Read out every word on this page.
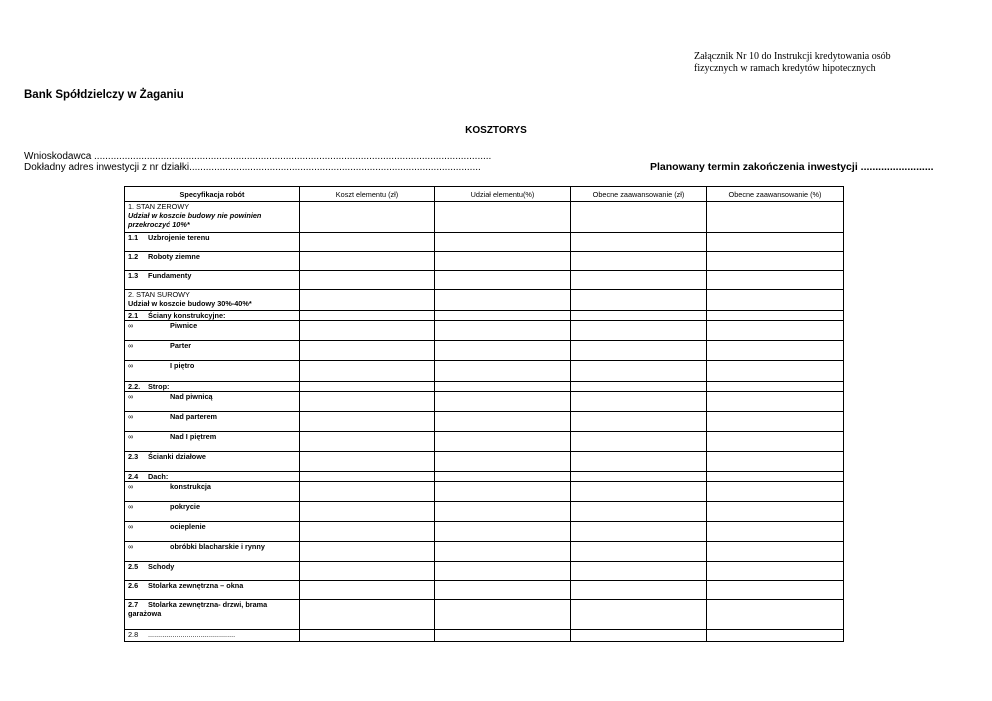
Załącznik Nr 10 do Instrukcji kredytowania osób
fizycznych w ramach kredytów hipotecznych
Bank Spółdzielczy w Żaganiu
KOSZTORYS
Wnioskodawca ...............................................................................................................................................
Dokładny adres inwestycji z nr działki.........................................................................................................	Planowany termin zakończenia inwestycji .........................
Specyfikacja robót	Koszt elementu (zł)	Udział elementu(%)	Obecne zaawansowanie (zł)	Obecne zaawansowanie (%)

1. STAN ZEROWY
Udział w koszcie budowy nie powinien przekroczyć 10%*				

1.1 Uzbrojenie terenu				
1.2 Roboty ziemne				
1.3 Fundamenty				

2. STAN SUROWY
Udział w koszcie budowy 30%-40%*				

2.1 Ściany konstrukcyjne:				
∞ Piwnice				
∞ Parter				
∞ I piętro				
2.2. Strop:				
∞ Nad piwnicą				
∞ Nad parterem				
∞ Nad I piętrem				
2.3 Ścianki działowe				
2.4 Dach:				
∞ konstrukcja				
∞ pokrycie				
∞ ocieplenie				
∞ obróbki blacharskie i rynny				
2.5 Schody				
2.6 Stolarka zewnętrzna – okna				
2.7 Stolarka zewnętrzna- drzwi, brama garażowa				
2.8 ...........................................				
